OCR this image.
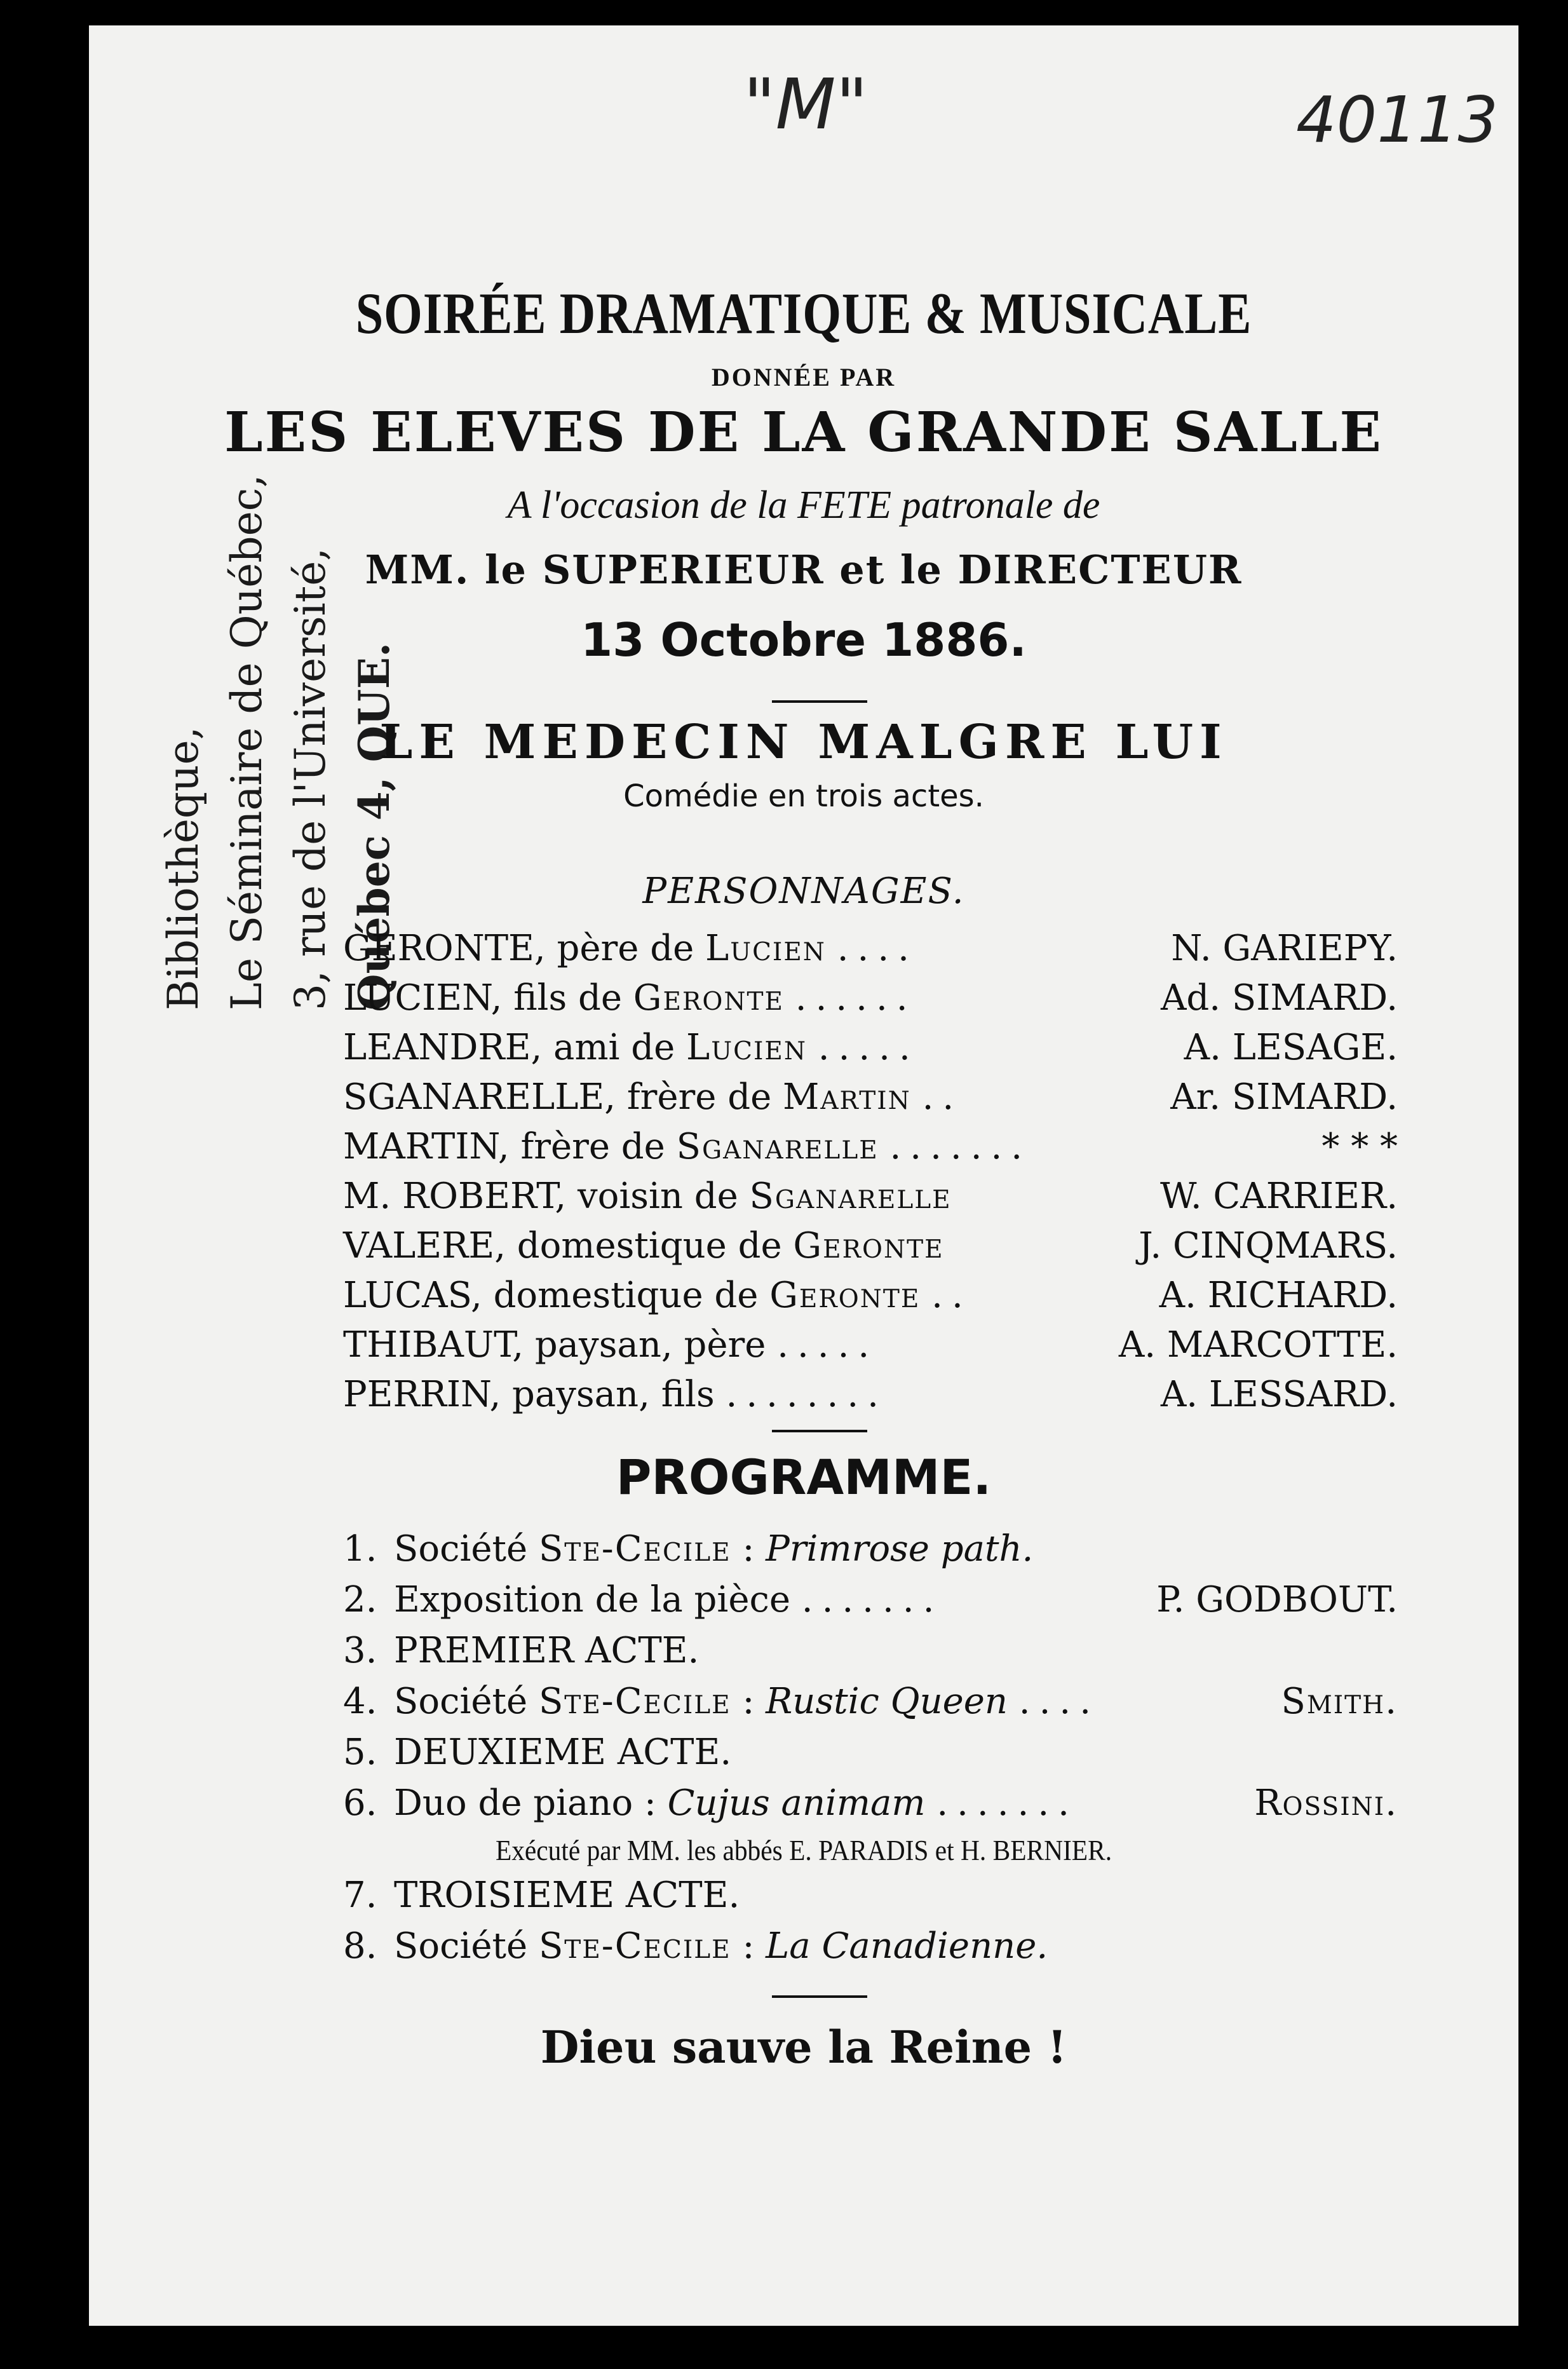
"M"	40113
Bibliothèque, Le Séminaire de Québec, 3, rue de l'Université, Québec 4, QUE.
SOIRÉE DRAMATIQUE & MUSICALE
DONNÉE PAR
LES ELEVES DE LA GRANDE SALLE
A l'occasion de la FETE patronale de
MM. le SUPERIEUR et le DIRECTEUR
13 Octobre 1886.
LE MEDECIN MALGRE LUI
Comédie en trois actes.
PERSONNAGES.
GERONTE, père de Lucien ....	N. GARIEPY.
LUCIEN, fils de Geronte ......	Ad. SIMARD.
LEANDRE, ami de Lucien .....	A. LESAGE.
SGANARELLE, frère de Martin ..	Ar. SIMARD.
MARTIN, frère de Sganarelle .......	* * *
M. ROBERT, voisin de Sganarelle	W. CARRIER.
VALERE, domestique de Geronte	J. CINQMARS.
LUCAS, domestique de Geronte ..	A. RICHARD.
THIBAUT, paysan, père .....	A. MARCOTTE.
PERRIN, paysan, fils ........	A. LESSARD.
PROGRAMME.
1. Société Ste-Cecile : Primrose path.
2. Exposition de la pièce .......	P. GODBOUT.
3. PREMIER ACTE.
4. Société Ste-Cecile : Rustic Queen ....	Smith.
5. DEUXIEME ACTE.
6. Duo de piano : Cujus animam .......	Rossini.
Exécuté par MM. les abbés E. PARADIS et H. BERNIER.
7. TROISIEME ACTE.
8. Société Ste-Cecile : La Canadienne.
Dieu sauve la Reine !
